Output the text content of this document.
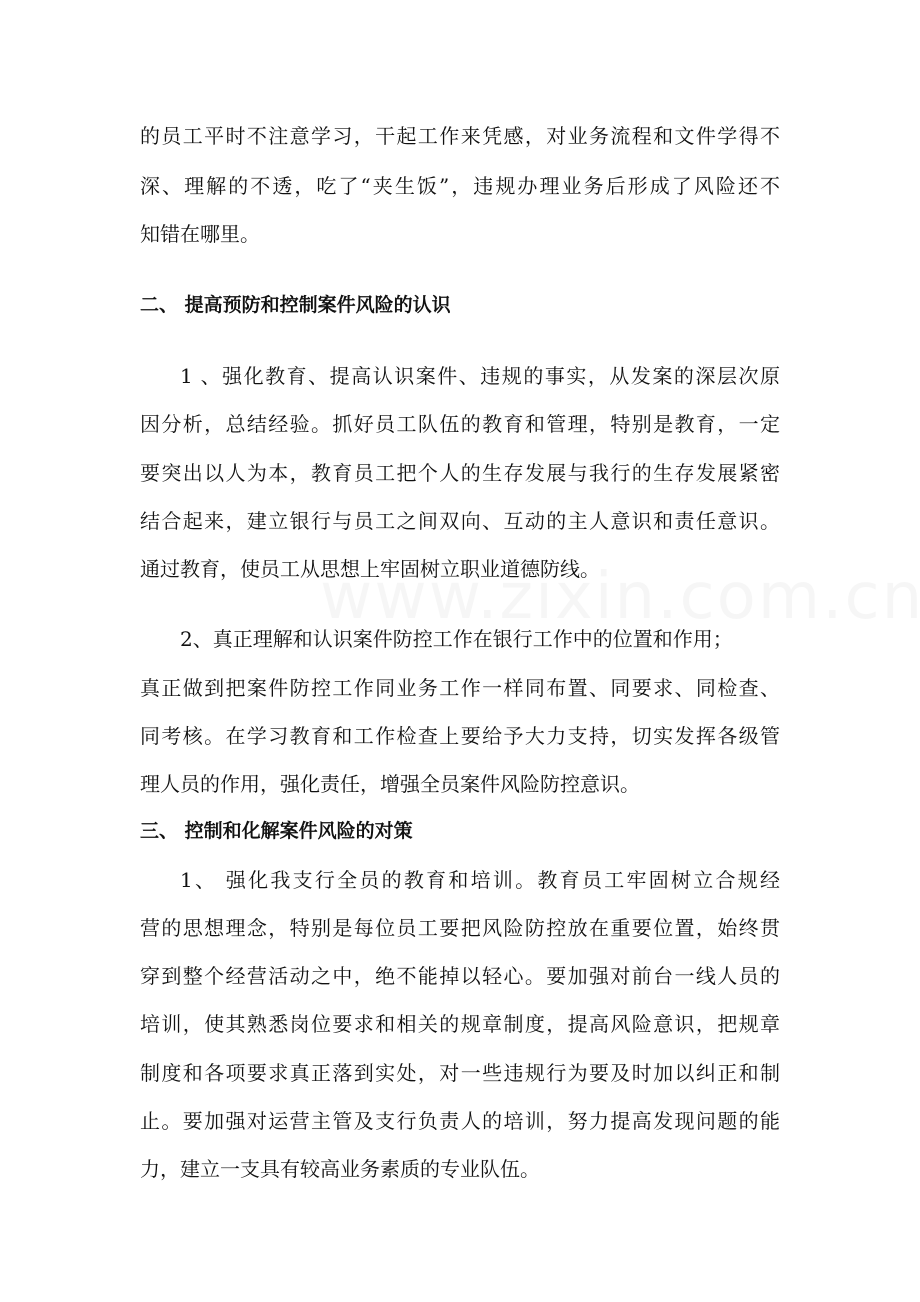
的员工平时不注意学习，干起工作来凭感，对业务流程和文件学得不
深、理解的不透，吃了“夹生饭”，违规办理业务后形成了风险还不
知错在哪里。
二、 提高预防和控制案件风险的认识
1 、强化教育、提高认识案件、违规的事实，从发案的深层次原
因分析，总结经验。抓好员工队伍的教育和管理，特别是教育，一定
要突出以人为本，教育员工把个人的生存发展与我行的生存发展紧密
结合起来，建立银行与员工之间双向、互动的主人意识和责任意识。
通过教育，使员工从思想上牢固树立职业道德防线。
2、真正理解和认识案件防控工作在银行工作中的位置和作用；
真正做到把案件防控工作同业务工作一样同布置、同要求、同检查、
同考核。在学习教育和工作检查上要给予大力支持，切实发挥各级管
理人员的作用，强化责任，增强全员案件风险防控意识。
三、 控制和化解案件风险的对策
1、 强化我支行全员的教育和培训。教育员工牢固树立合规经
营的思想理念，特别是每位员工要把风险防控放在重要位置，始终贯
穿到整个经营活动之中，绝不能掉以轻心。要加强对前台一线人员的
培训，使其熟悉岗位要求和相关的规章制度，提高风险意识，把规章
制度和各项要求真正落到实处，对一些违规行为要及时加以纠正和制
止。要加强对运营主管及支行负责人的培训，努力提高发现问题的能
力，建立一支具有较高业务素质的专业队伍。
